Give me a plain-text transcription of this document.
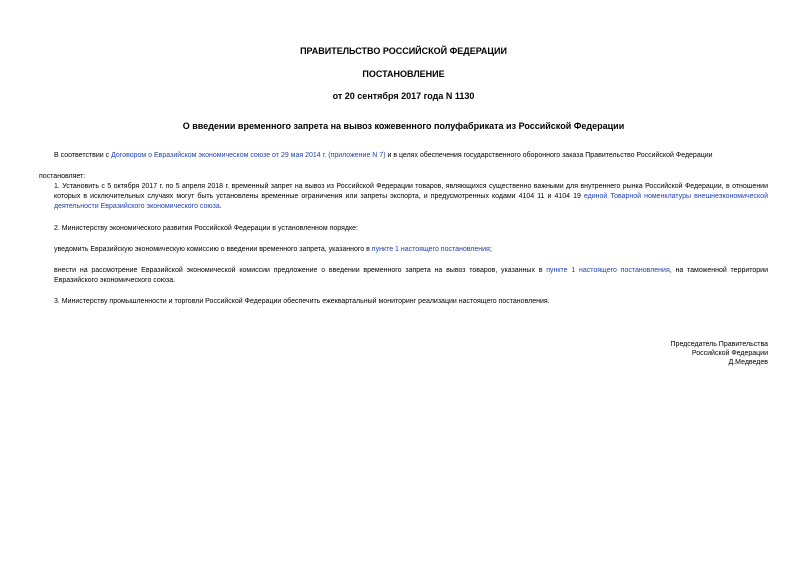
ПРАВИТЕЛЬСТВО РОССИЙСКОЙ ФЕДЕРАЦИИ
ПОСТАНОВЛЕНИЕ
от 20 сентября 2017 года N 1130
О введении временного запрета на вывоз кожевенного полуфабриката из Российской Федерации
В соответствии с Договором о Евразийском экономическом союзе от 29 мая 2014 г. (приложение N 7) и в целях обеспечения государственного оборонного заказа Правительство Российской Федерации
постановляет:
1. Установить с 5 октября 2017 г. по 5 апреля 2018 г. временный запрет на вывоз из Российской Федерации товаров, являющихся существенно важными для внутреннего рынка Российской Федерации, в отношении которых в исключительных случаях могут быть установлены временные ограничения или запреты экспорта, и предусмотренных кодами 4104 11 и 4104 19 единой Товарной номенклатуры внешнеэкономической деятельности Евразийского экономического союза.
2. Министерству экономического развития Российской Федерации в установленном порядке:
уведомить Евразийскую экономическую комиссию о введении временного запрета, указанного в пункте 1 настоящего постановления;
внести на рассмотрение Евразийской экономической комиссии предложение о введении временного запрета на вывоз товаров, указанных в пункте 1 настоящего постановления, на таможенной территории Евразийского экономического союза.
3. Министерству промышленности и торговли Российской Федерации обеспечить ежеквартальный мониторинг реализации настоящего постановления.
Председатель Правительства
Российской Федерации
Д.Медведев
